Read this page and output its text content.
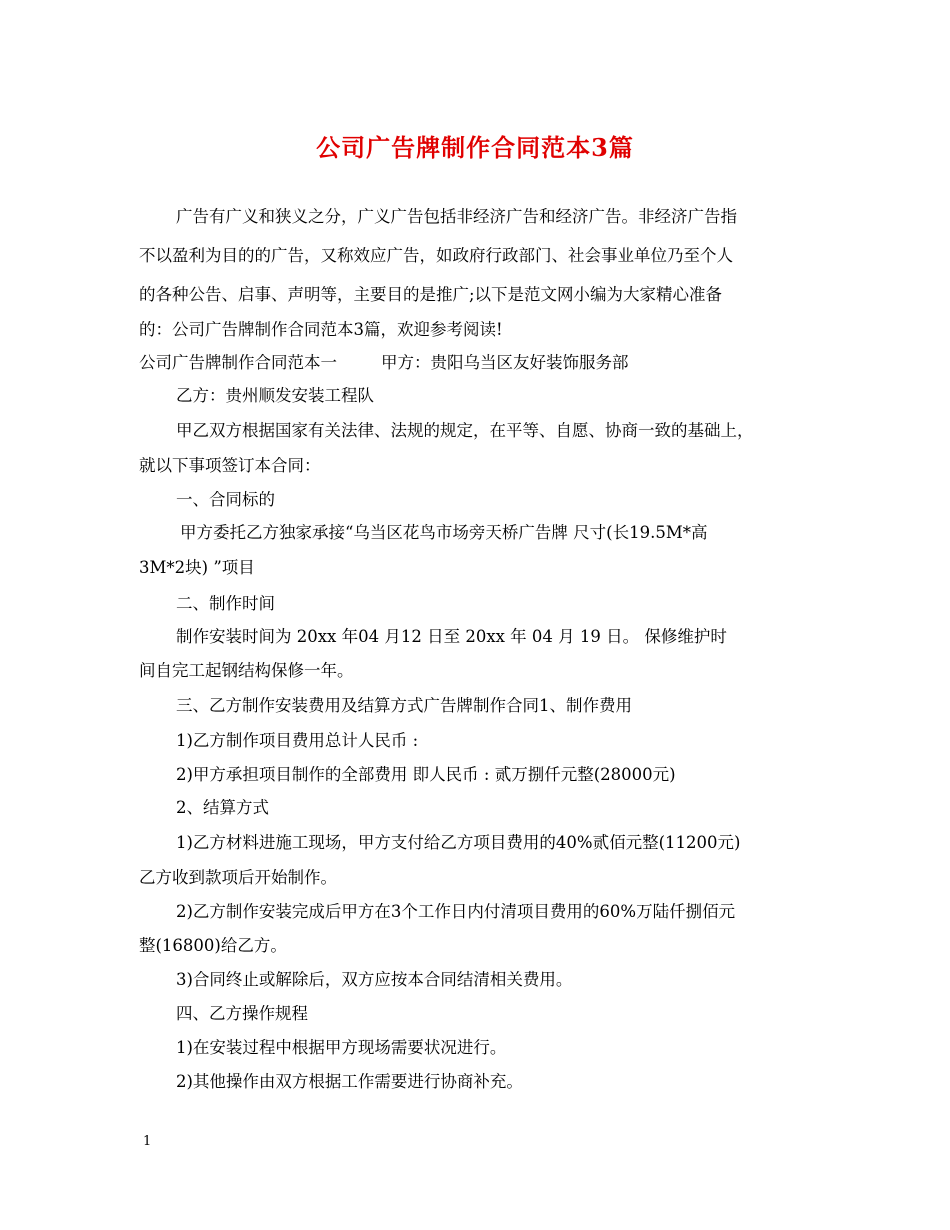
公司广告牌制作合同范本3篇
广告有广义和狭义之分，广义广告包括非经济广告和经济广告。非经济广告指
不以盈利为目的的广告，又称效应广告，如政府行政部门、社会事业单位乃至个人
的各种公告、启事、声明等，主要目的是推广;以下是范文网小编为大家精心准备
的：公司广告牌制作合同范本3篇，欢迎参考阅读!
公司广告牌制作合同范本一	甲方：贵阳乌当区友好装饰服务部
乙方：贵州顺发安装工程队
甲乙双方根据国家有关法律、法规的规定，在平等、自愿、协商一致的基础上，
就以下事项签订本合同：
一、合同标的
甲方委托乙方独家承接“乌当区花鸟市场旁天桥广告牌 尺寸(长19.5M*高
3M*2块) ”项目
二、制作时间
制作安装时间为 20xx 年04 月12 日至 20xx 年 04 月 19 日。 保修维护时
间自完工起钢结构保修一年。
三、乙方制作安装费用及结算方式广告牌制作合同1、制作费用
1)乙方制作项目费用总计人民币 :
2)甲方承担项目制作的全部费用 即人民币 : 贰万捌仟元整(28000元)
2、结算方式
1)乙方材料进施工现场，甲方支付给乙方项目费用的40%贰佰元整(11200元)
乙方收到款项后开始制作。
2)乙方制作安装完成后甲方在3个工作日内付清项目费用的60%万陆仟捌佰元
整(16800)给乙方。
3)合同终止或解除后，双方应按本合同结清相关费用。
四、乙方操作规程
1)在安装过程中根据甲方现场需要状况进行。
2)其他操作由双方根据工作需要进行协商补充。
1
